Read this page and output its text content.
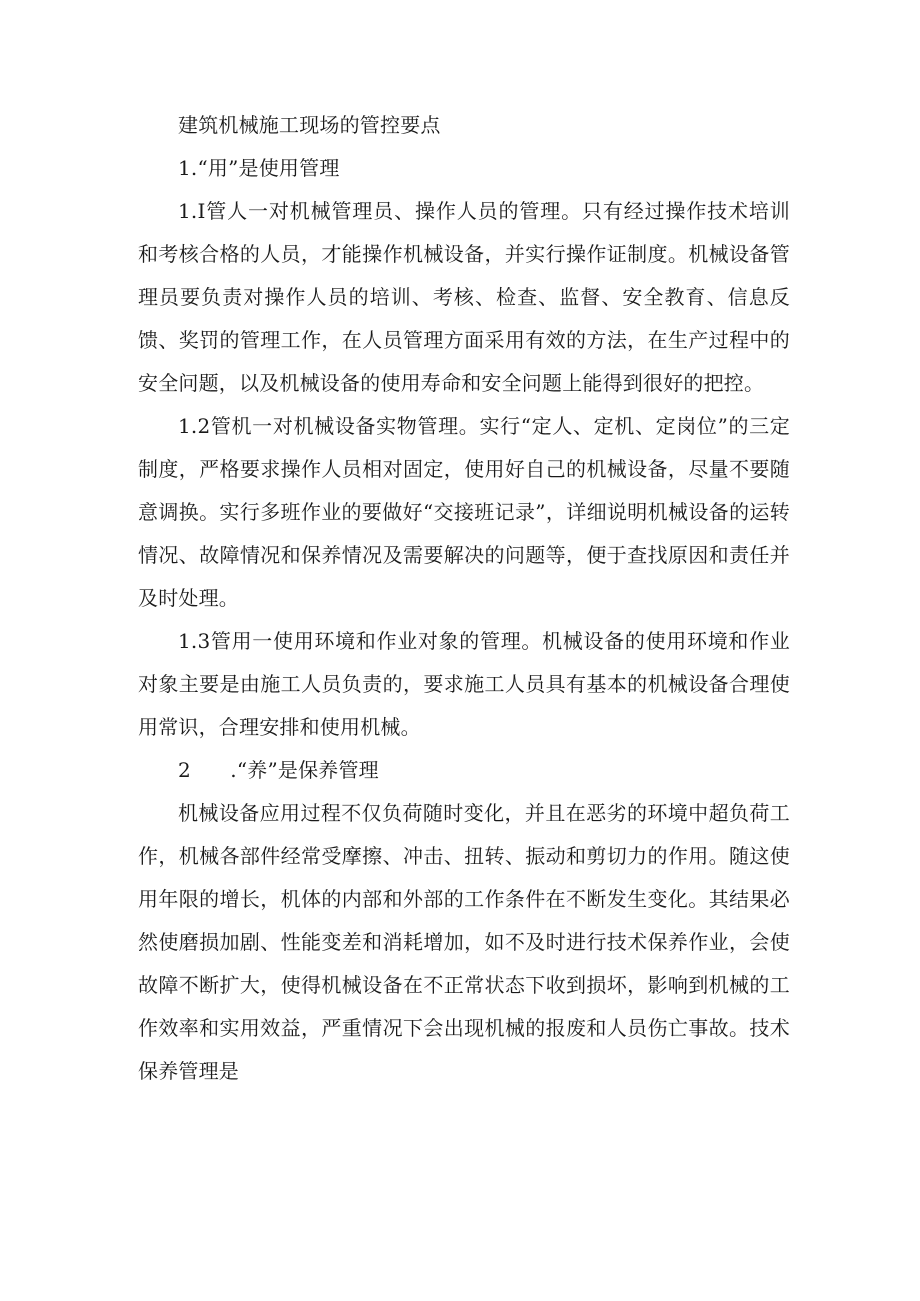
建筑机械施工现场的管控要点

1.“用”是使用管理

1.I管人一对机械管理员、操作人员的管理。只有经过操作技术培训和考核合格的人员，才能操作机械设备，并实行操作证制度。机械设备管理员要负责对操作人员的培训、考核、检查、监督、安全教育、信息反馈、奖罚的管理工作，在人员管理方面采用有效的方法，在生产过程中的安全问题，以及机械设备的使用寿命和安全问题上能得到很好的把控。

1.2管机一对机械设备实物管理。实行“定人、定机、定岗位”的三定制度，严格要求操作人员相对固定，使用好自己的机械设备，尽量不要随意调换。实行多班作业的要做好“交接班记录”，详细说明机械设备的运转情况、故障情况和保养情况及需要解决的问题等，便于查找原因和责任并及时处理。

1.3管用一使用环境和作业对象的管理。机械设备的使用环境和作业对象主要是由施工人员负责的，要求施工人员具有基本的机械设备合理使用常识，合理安排和使用机械。

2      .“养”是保养管理

机械设备应用过程不仅负荷随时变化，并且在恶劣的环境中超负荷工作，机械各部件经常受摩擦、冲击、扭转、振动和剪切力的作用。随这使用年限的增长，机体的内部和外部的工作条件在不断发生变化。其结果必然使磨损加剧、性能变差和消耗增加，如不及时进行技术保养作业，会使故障不断扩大，使得机械设备在不正常状态下收到损坏，影响到机械的工作效率和实用效益，严重情况下会出现机械的报废和人员伤亡事故。技术保养管理是
